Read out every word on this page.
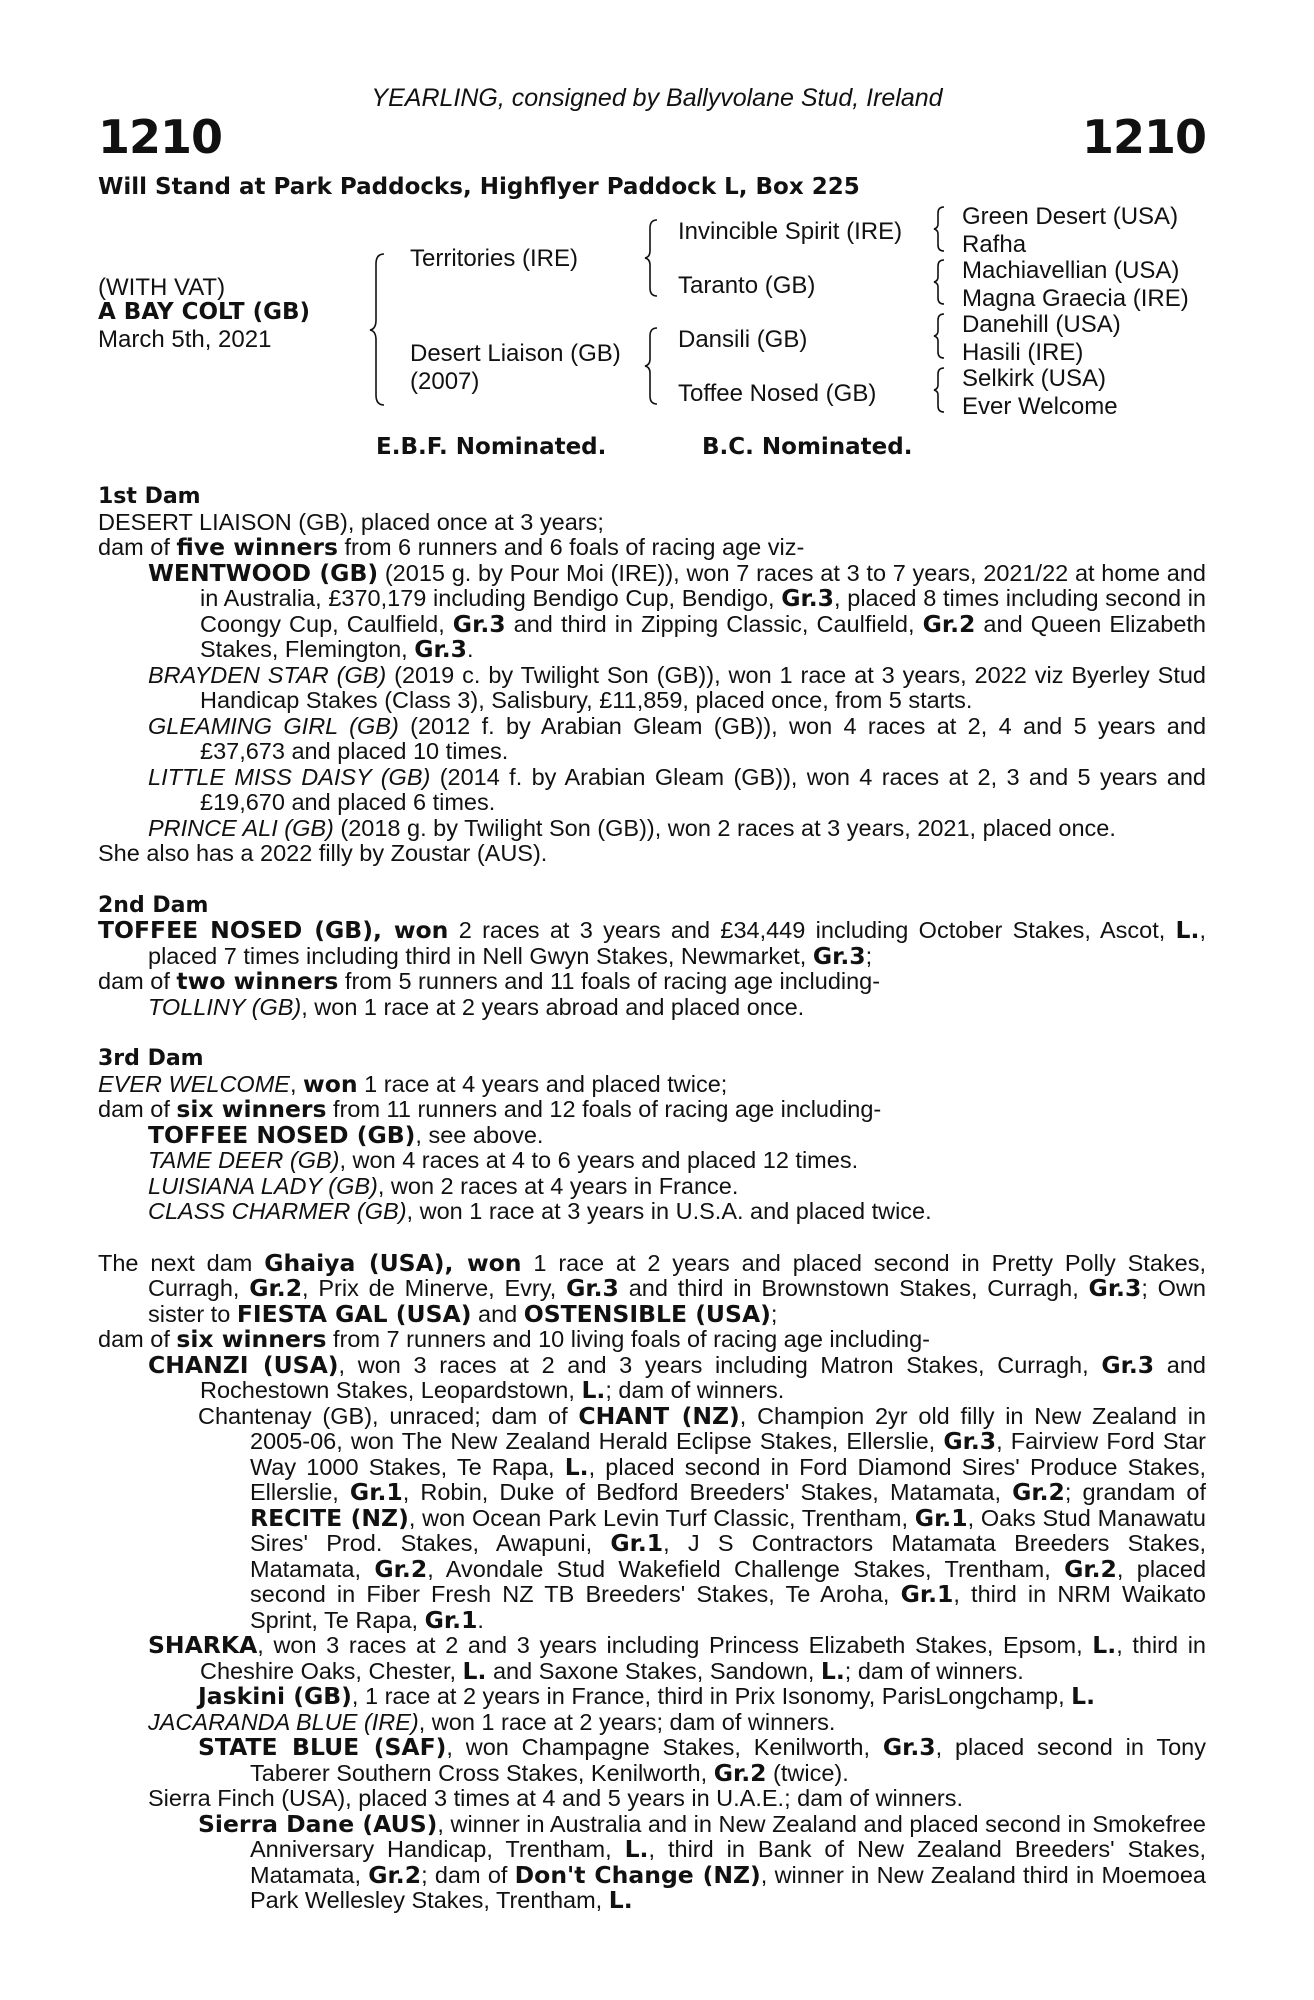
YEARLING, consigned by Ballyvolane Stud, Ireland
1210	1210
Will Stand at Park Paddocks, Highflyer Paddock L, Box 225
(WITH VAT)
A BAY COLT (GB)
March 5th, 2021
Territories (IRE)
Desert Liaison (GB)
(2007)
Invincible Spirit (IRE)
Taranto (GB)
Dansili (GB)
Toffee Nosed (GB)
Green Desert (USA)
Rafha
Machiavellian (USA)
Magna Graecia (IRE)
Danehill (USA)
Hasili (IRE)
Selkirk (USA)
Ever Welcome
E.B.F. Nominated.	B.C. Nominated.

1st Dam

DESERT LIAISON (GB), placed once at 3 years;

dam of five winners from 6 runners and 6 foals of racing age viz-

WENTWOOD (GB) (2015 g. by Pour Moi (IRE)), won 7 races at 3 to 7 years, 2021/22 at home and in Australia, £370,179 including Bendigo Cup, Bendigo, Gr.3, placed 8 times including second in Coongy Cup, Caulfield, Gr.3 and third in Zipping Classic, Caulfield, Gr.2 and Queen Elizabeth Stakes, Flemington, Gr.3.

BRAYDEN STAR (GB) (2019 c. by Twilight Son (GB)), won 1 race at 3 years, 2022 viz Byerley Stud Handicap Stakes (Class 3), Salisbury, £11,859, placed once, from 5 starts.

GLEAMING GIRL (GB) (2012 f. by Arabian Gleam (GB)), won 4 races at 2, 4 and 5 years and £37,673 and placed 10 times.

LITTLE MISS DAISY (GB) (2014 f. by Arabian Gleam (GB)), won 4 races at 2, 3 and 5 years and £19,670 and placed 6 times.

PRINCE ALI (GB) (2018 g. by Twilight Son (GB)), won 2 races at 3 years, 2021, placed once.

She also has a 2022 filly by Zoustar (AUS).

2nd Dam

TOFFEE NOSED (GB), won 2 races at 3 years and £34,449 including October Stakes, Ascot, L., placed 7 times including third in Nell Gwyn Stakes, Newmarket, Gr.3;

dam of two winners from 5 runners and 11 foals of racing age including-

TOLLINY (GB), won 1 race at 2 years abroad and placed once.

3rd Dam

EVER WELCOME, won 1 race at 4 years and placed twice;

dam of six winners from 11 runners and 12 foals of racing age including-

TOFFEE NOSED (GB), see above.

TAME DEER (GB), won 4 races at 4 to 6 years and placed 12 times.

LUISIANA LADY (GB), won 2 races at 4 years in France.

CLASS CHARMER (GB), won 1 race at 3 years in U.S.A. and placed twice.

The next dam Ghaiya (USA), won 1 race at 2 years and placed second in Pretty Polly Stakes, Curragh, Gr.2, Prix de Minerve, Evry, Gr.3 and third in Brownstown Stakes, Curragh, Gr.3; Own sister to FIESTA GAL (USA) and OSTENSIBLE (USA);

dam of six winners from 7 runners and 10 living foals of racing age including-

CHANZI (USA), won 3 races at 2 and 3 years including Matron Stakes, Curragh, Gr.3 and Rochestown Stakes, Leopardstown, L.; dam of winners.

Chantenay (GB), unraced; dam of CHANT (NZ), Champion 2yr old filly in New Zealand in 2005-06, won The New Zealand Herald Eclipse Stakes, Ellerslie, Gr.3, Fairview Ford Star Way 1000 Stakes, Te Rapa, L., placed second in Ford Diamond Sires' Produce Stakes, Ellerslie, Gr.1, Robin, Duke of Bedford Breeders' Stakes, Matamata, Gr.2; grandam of RECITE (NZ), won Ocean Park Levin Turf Classic, Trentham, Gr.1, Oaks Stud Manawatu Sires' Prod. Stakes, Awapuni, Gr.1, J S Contractors Matamata Breeders Stakes, Matamata, Gr.2, Avondale Stud Wakefield Challenge Stakes, Trentham, Gr.2, placed second in Fiber Fresh NZ TB Breeders' Stakes, Te Aroha, Gr.1, third in NRM Waikato Sprint, Te Rapa, Gr.1.

SHARKA, won 3 races at 2 and 3 years including Princess Elizabeth Stakes, Epsom, L., third in Cheshire Oaks, Chester, L. and Saxone Stakes, Sandown, L.; dam of winners.

Jaskini (GB), 1 race at 2 years in France, third in Prix Isonomy, ParisLongchamp, L.

JACARANDA BLUE (IRE), won 1 race at 2 years; dam of winners.

STATE BLUE (SAF), won Champagne Stakes, Kenilworth, Gr.3, placed second in Tony Taberer Southern Cross Stakes, Kenilworth, Gr.2 (twice).

Sierra Finch (USA), placed 3 times at 4 and 5 years in U.A.E.; dam of winners.

Sierra Dane (AUS), winner in Australia and in New Zealand and placed second in Smokefree Anniversary Handicap, Trentham, L., third in Bank of New Zealand Breeders' Stakes, Matamata, Gr.2; dam of Don't Change (NZ), winner in New Zealand third in Moemoea Park Wellesley Stakes, Trentham, L.
